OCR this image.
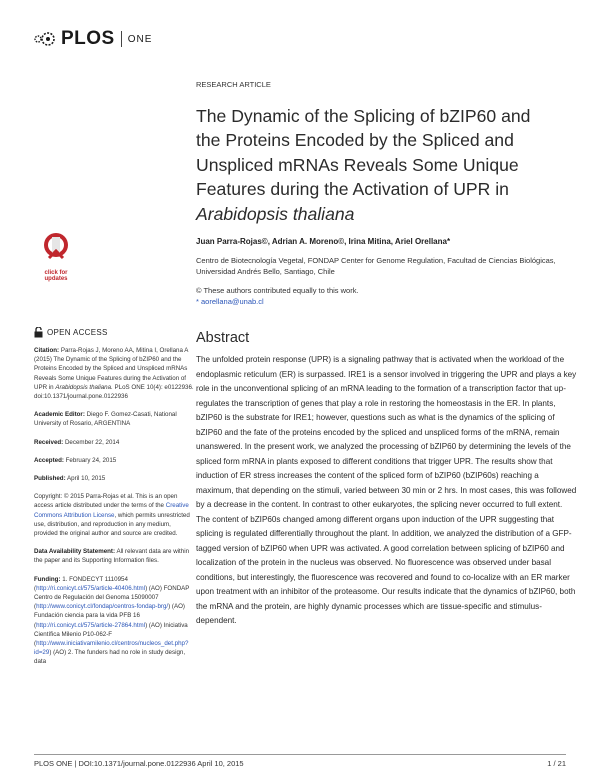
PLOS ONE
RESEARCH ARTICLE
The Dynamic of the Splicing of bZIP60 and
the Proteins Encoded by the Spliced and
Unspliced mRNAs Reveals Some Unique
Features during the Activation of UPR in
Arabidopsis thaliana
Juan Parra-Rojas©, Adrian A. Moreno©, Irina Mitina, Ariel Orellana*
Centro de Biotecnología Vegetal, FONDAP Center for Genome Regulation, Facultad de Ciencias Biológicas, Universidad Andrés Bello, Santiago, Chile
© These authors contributed equally to this work.
* aorellana@unab.cl
click for updates
OPEN ACCESS
Citation: Parra-Rojas J, Moreno AA, Mitina I, Orellana A (2015) The Dynamic of the Splicing of bZIP60 and the Proteins Encoded by the Spliced and Unspliced mRNAs Reveals Some Unique Features during the Activation of UPR in Arabidopsis thaliana. PLoS ONE 10(4): e0122936. doi:10.1371/journal.pone.0122936
Academic Editor: Diego F. Gomez-Casati, National University of Rosario, ARGENTINA
Received: December 22, 2014
Accepted: February 24, 2015
Published: April 10, 2015
Copyright: © 2015 Parra-Rojas et al. This is an open access article distributed under the terms of the Creative Commons Attribution License, which permits unrestricted use, distribution, and reproduction in any medium, provided the original author and source are credited.
Data Availability Statement: All relevant data are within the paper and its Supporting Information files.
Funding: 1. FONDECYT 1110954 (http://ri.conicyt.cl/575/article-40406.html) (AO) FONDAP Centro de Regulación del Genoma 15090007 (http://www.conicyt.cl/fondap/centros-fondap-brg/) (AO) Fundación ciencia para la vida PFB 16 (http://ri.conicyt.cl/575/article-27864.html) (AO) Iniciativa Científica Milenio P10-062-F (http://www.iniciativamilenio.cl/centros/nucleos_det.php?id=29) (AO) 2. The funders had no role in study design, data
Abstract
The unfolded protein response (UPR) is a signaling pathway that is activated when the workload of the endoplasmic reticulum (ER) is surpassed. IRE1 is a sensor involved in triggering the UPR and plays a key role in the unconventional splicing of an mRNA leading to the formation of a transcription factor that up-regulates the transcription of genes that play a role in restoring the homeostasis in the ER. In plants, bZIP60 is the substrate for IRE1; however, questions such as what is the dynamics of the splicing of bZIP60 and the fate of the proteins encoded by the spliced and unspliced forms of the mRNA, remain unanswered. In the present work, we analyzed the processing of bZIP60 by determining the levels of the spliced form mRNA in plants exposed to different conditions that trigger UPR. The results show that induction of ER stress increases the content of the spliced form of bZIP60 (bZIP60s) reaching a maximum, that depending on the stimuli, varied between 30 min or 2 hrs. In most cases, this was followed by a decrease in the content. In contrast to other eukaryotes, the splicing never occurred to full extent. The content of bZIP60s changed among different organs upon induction of the UPR suggesting that splicing is regulated differentially throughout the plant. In addition, we analyzed the distribution of a GFP-tagged version of bZIP60 when UPR was activated. A good correlation between splicing of bZIP60 and localization of the protein in the nucleus was observed. No fluorescence was observed under basal conditions, but interestingly, the fluorescence was recovered and found to co-localize with an ER marker upon treatment with an inhibitor of the proteasome. Our results indicate that the dynamics of bZIP60, both the mRNA and the protein, are highly dynamic processes which are tissue-specific and stimulus-dependent.
PLOS ONE | DOI:10.1371/journal.pone.0122936 April 10, 2015	1 / 21
